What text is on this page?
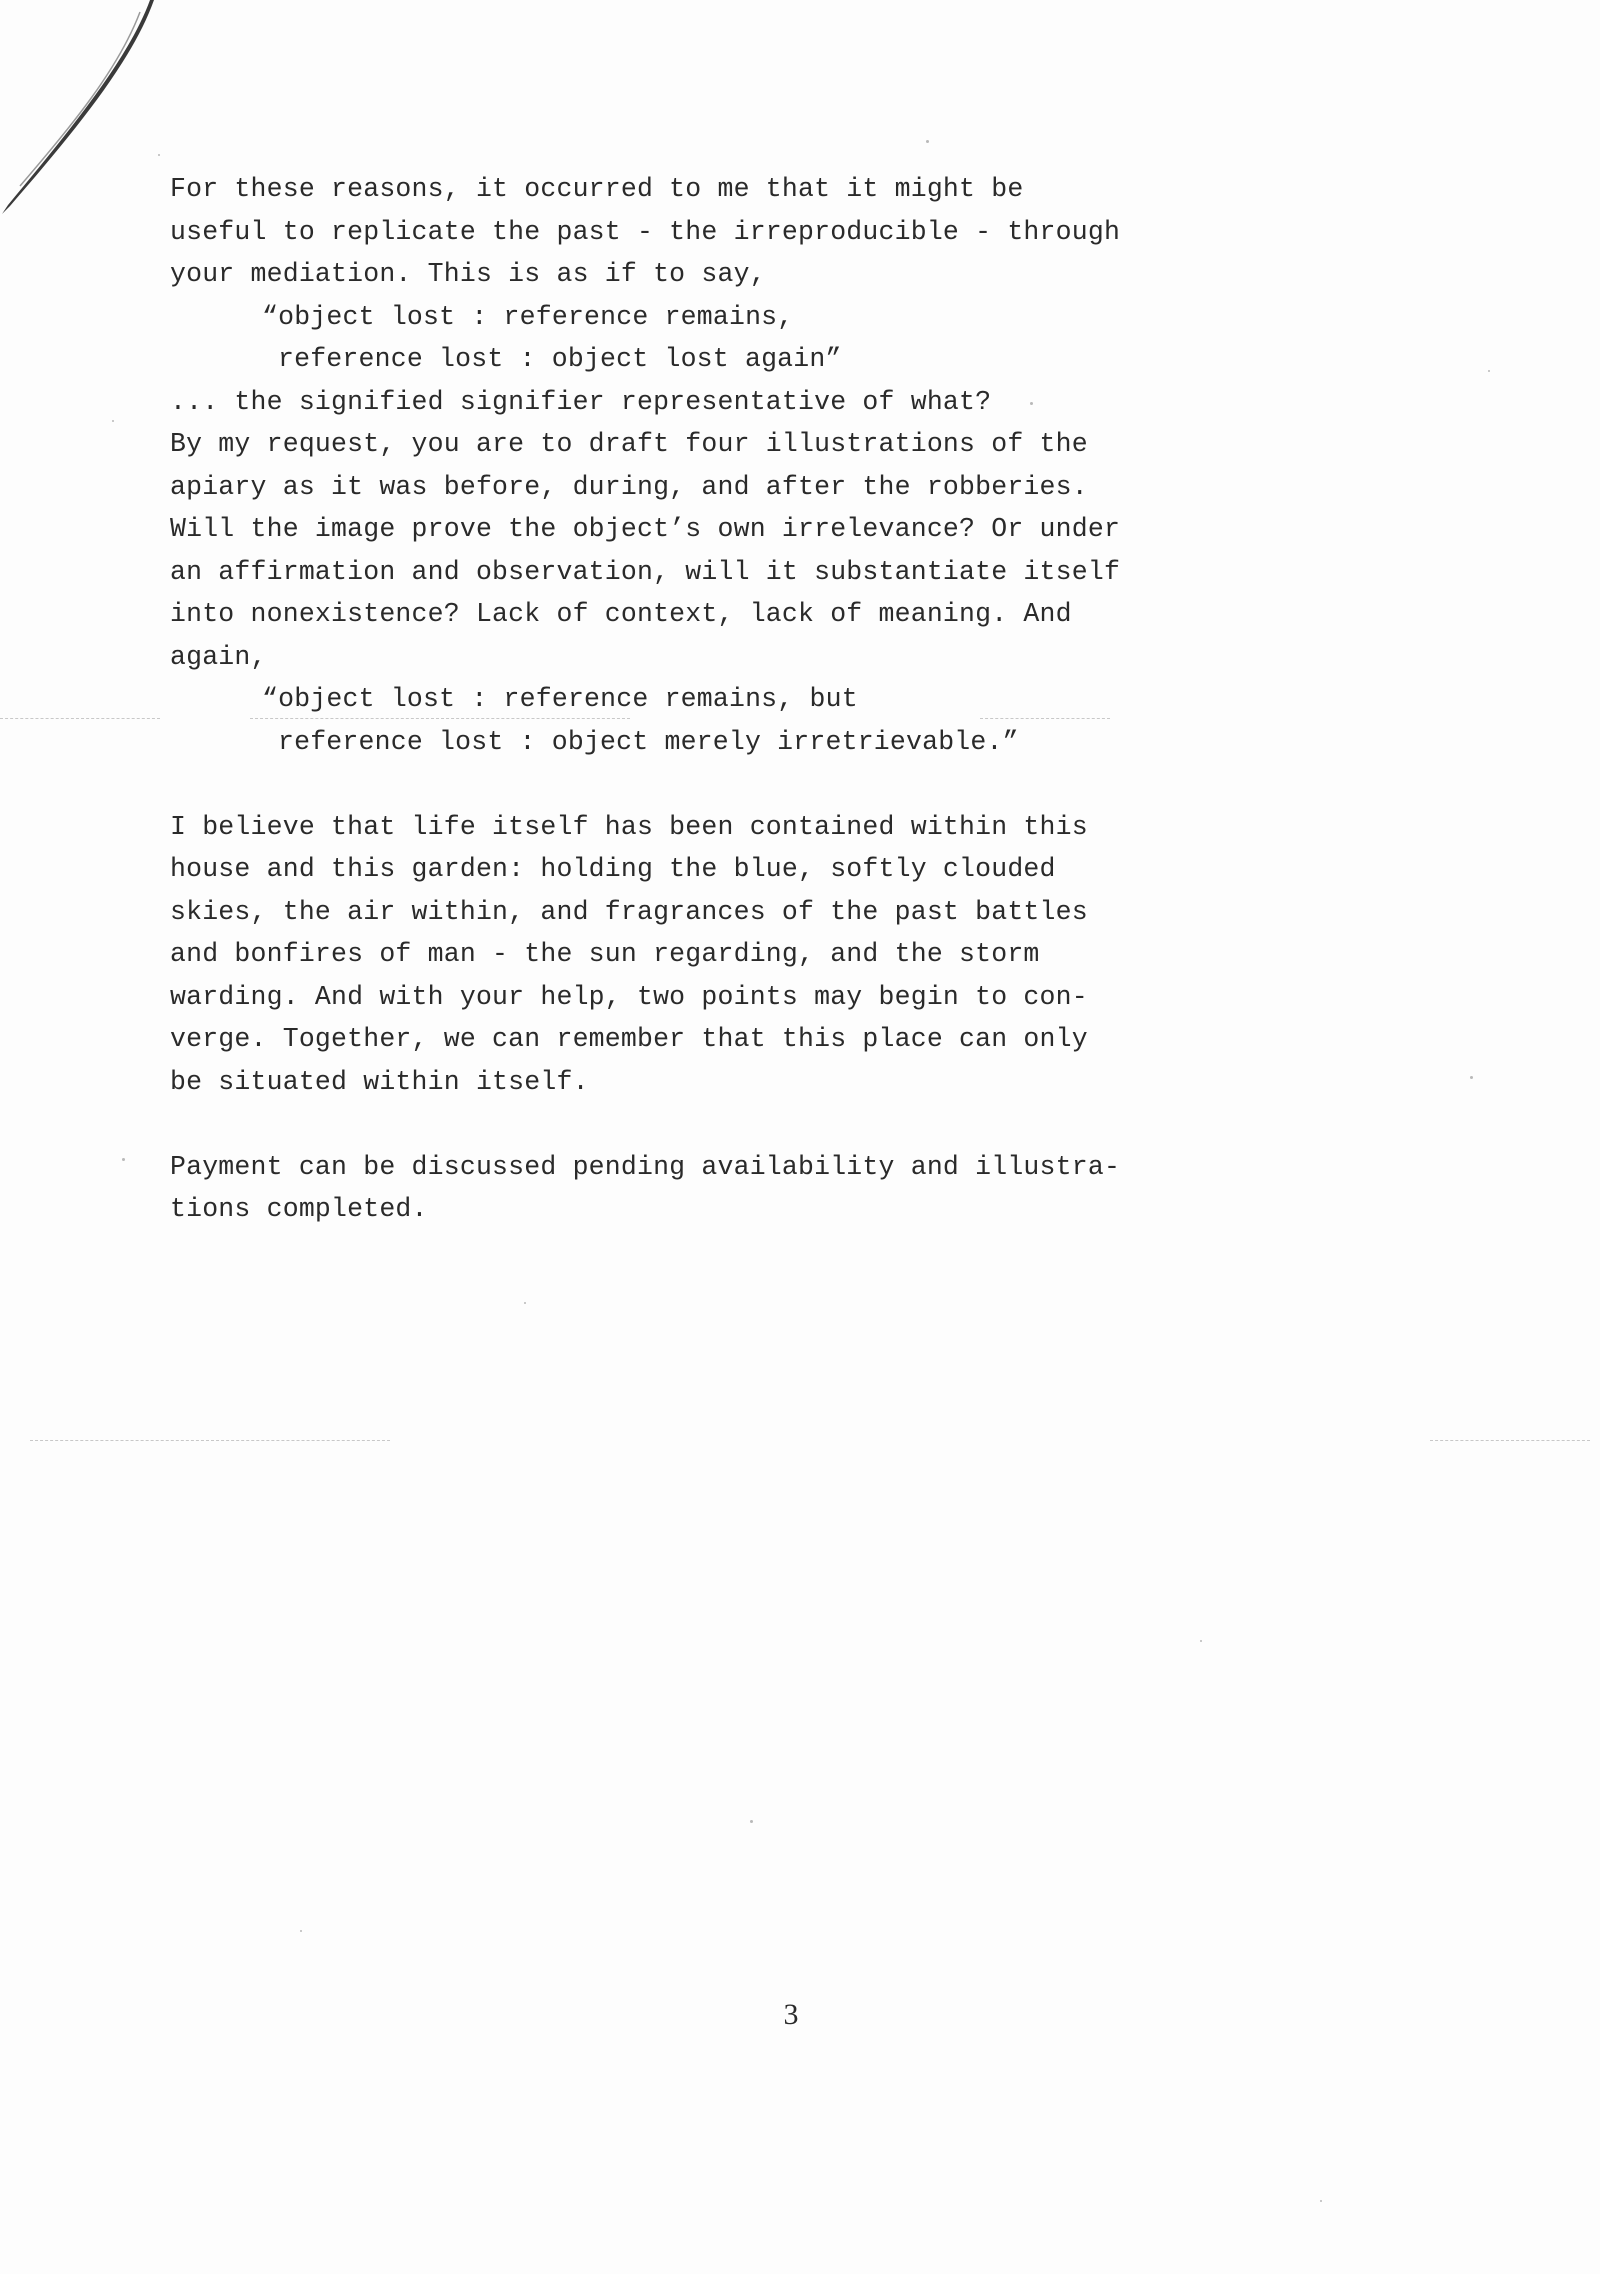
For these reasons, it occurred to me that it might be
useful to replicate the past - the irreproducible - through
your mediation. This is as if to say,
“object lost : reference remains,
reference lost : object lost again”
... the signified signifier representative of what?
By my request, you are to draft four illustrations of the
apiary as it was before, during, and after the robberies.
Will the image prove the object’s own irrelevance? Or under
an affirmation and observation, will it substantiate itself
into nonexistence? Lack of context, lack of meaning. And
again,
“object lost : reference remains, but
reference lost : object merely irretrievable.”
I believe that life itself has been contained within this
house and this garden: holding the blue, softly clouded
skies, the air within, and fragrances of the past battles
and bonfires of man - the sun regarding, and the storm
warding. And with your help, two points may begin to con-
verge. Together, we can remember that this place can only
be situated within itself.
Payment can be discussed pending availability and illustra-
tions completed.
3
